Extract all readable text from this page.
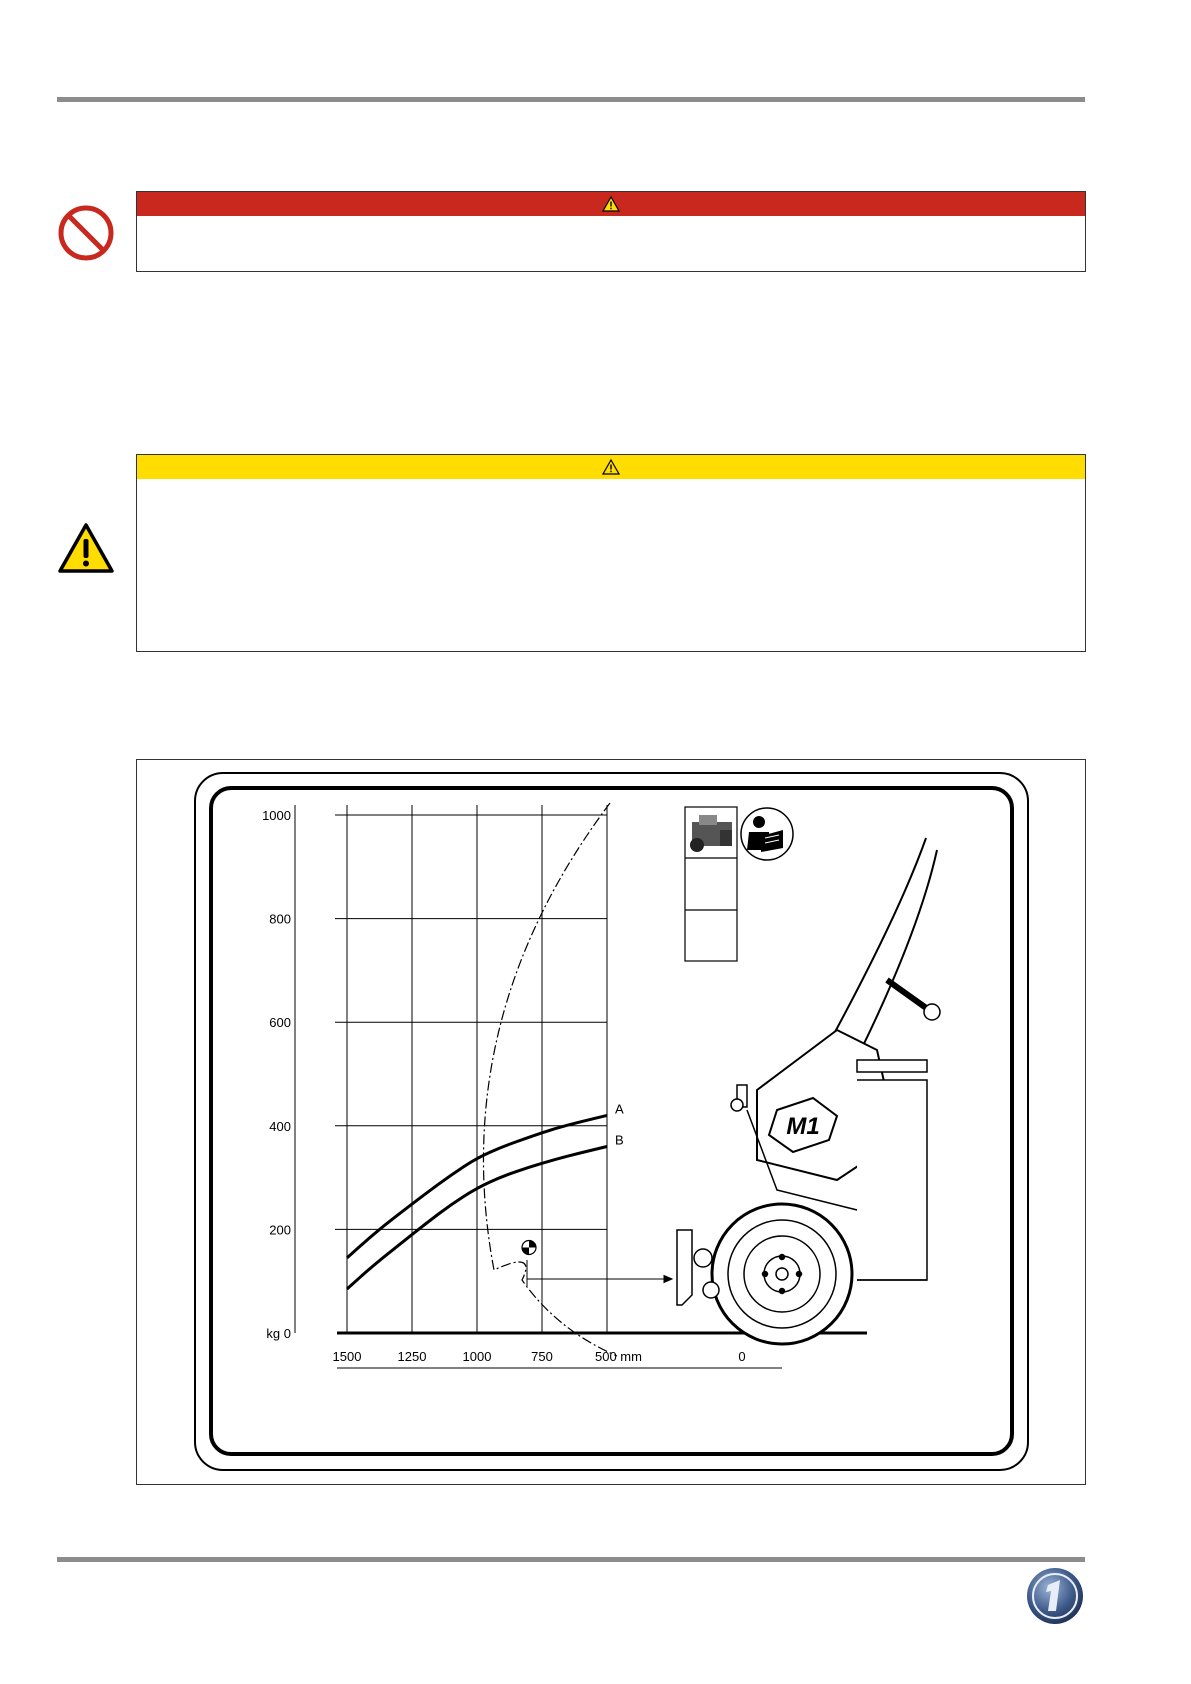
1000
800
600
400
200
kg 0
1500	1250	1000	750	500 mm	0
A
B
M1
